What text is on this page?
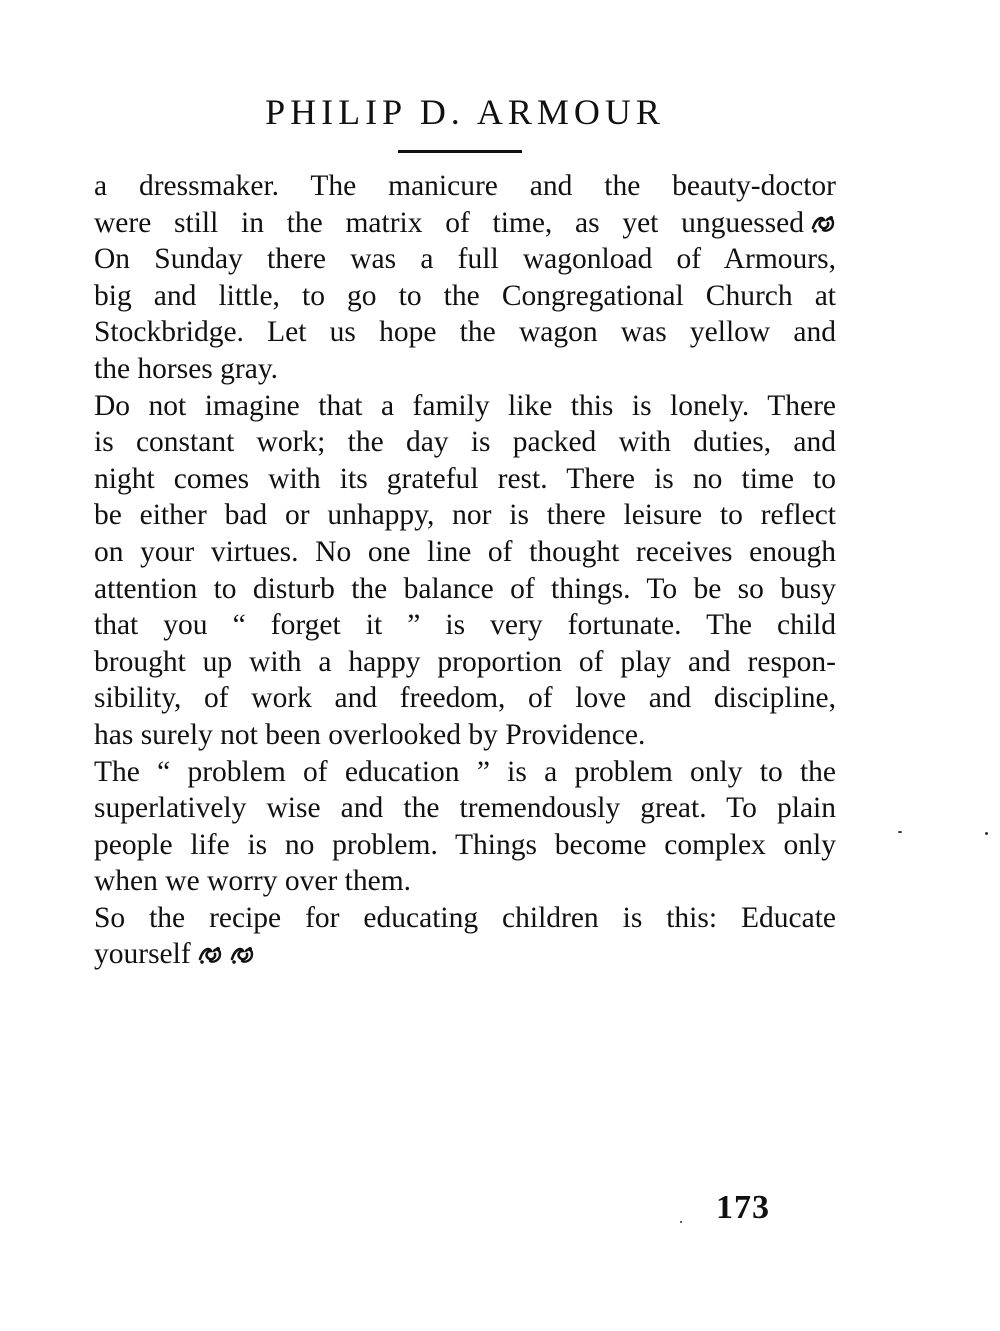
PHILIP D. ARMOUR

a dressmaker. The manicure and the beauty-doctor
were still in the matrix of time, as yet unguessed
On Sunday there was a full wagonload of Armours,
big and little, to go to the Congregational Church at
Stockbridge. Let us hope the wagon was yellow and
the horses gray.

Do not imagine that a family like this is lonely. There
is constant work; the day is packed with duties, and
night comes with its grateful rest. There is no time to
be either bad or unhappy, nor is there leisure to reflect
on your virtues. No one line of thought receives enough
attention to disturb the balance of things. To be so busy
that you “ forget it ” is very fortunate. The child
brought up with a happy proportion of play and respon-
sibility, of work and freedom, of love and discipline,
has surely not been overlooked by Providence.

The “ problem of education ” is a problem only to the
superlatively wise and the tremendously great. To plain
people life is no problem. Things become complex only
when we worry over them.

So the recipe for educating children is this: Educate
yourself

173
